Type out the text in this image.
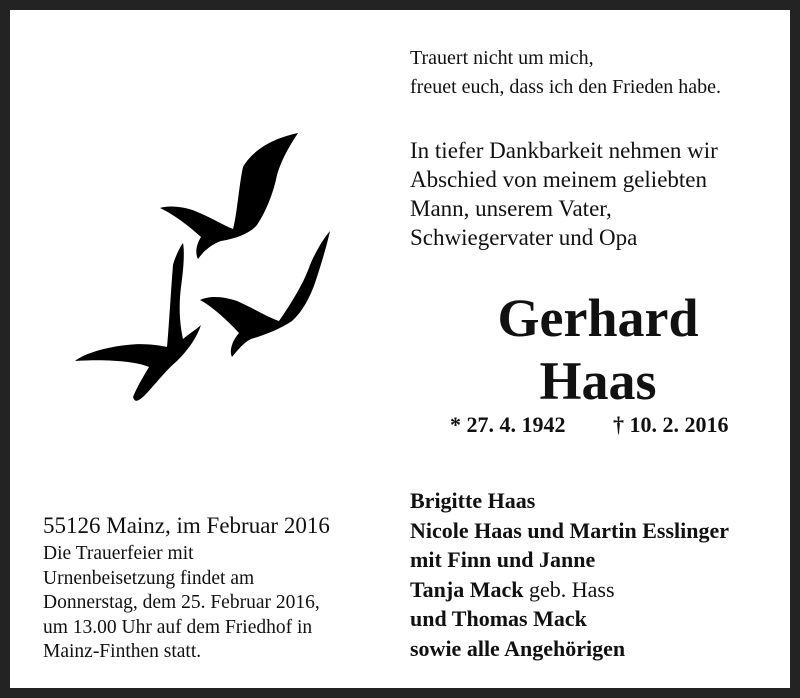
Trauert nicht um mich,
freuet euch, dass ich den Frieden habe.
In tiefer Dankbarkeit nehmen wir
Abschied von meinem geliebten
Mann, unserem Vater,
Schwiegervater und Opa
Gerhard
Haas
* 27. 4. 1942 † 10. 2. 2016
Brigitte Haas
Nicole Haas und Martin Esslinger
mit Finn und Janne
Tanja Mack geb. Hass
und Thomas Mack
sowie alle Angehörigen
55126 Mainz, im Februar 2016
Die Trauerfeier mit
Urnenbeisetzung findet am
Donnerstag, dem 25. Februar 2016,
um 13.00 Uhr auf dem Friedhof in
Mainz-Finthen statt.
